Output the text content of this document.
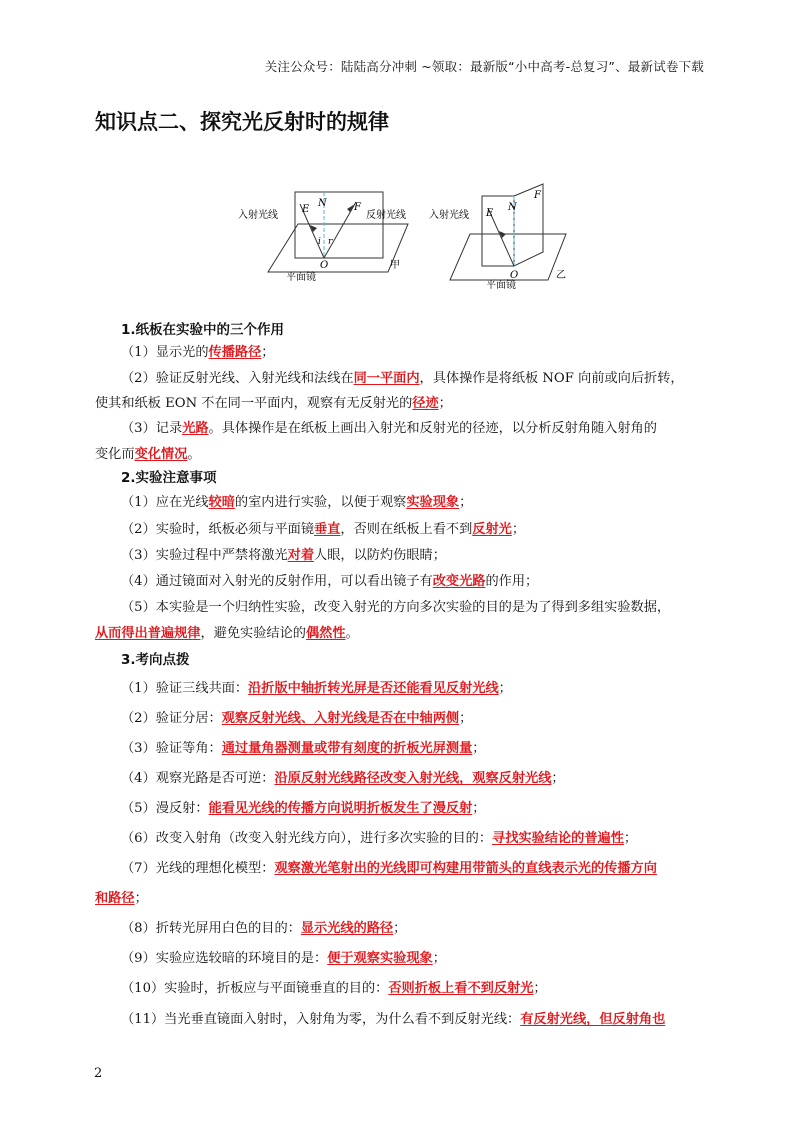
关注公众号：陆陆高分冲刺 ~领取：最新版“小中高考-总复习”、最新试卷下载
知识点二、探究光反射时的规律
E
N
i r
O
平面镜
甲
入射光线	反射光线	E
N
F
O
平面镜
乙
入射光线
F
1.纸板在实验中的三个作用
（1）显示光的传播路径；
（2）验证反射光线、入射光线和法线在同一平面内，具体操作是将纸板 NOF 向前或向后折转，
使其和纸板 EON 不在同一平面内，观察有无反射光的径迹；
（3）记录光路。具体操作是在纸板上画出入射光和反射光的径迹，以分析反射角随入射角的
变化而变化情况。
2.实验注意事项
（1）应在光线较暗的室内进行实验，以便于观察实验现象；
（2）实验时，纸板必须与平面镜垂直，否则在纸板上看不到反射光；
（3）实验过程中严禁将激光对着人眼，以防灼伤眼睛；
（4）通过镜面对入射光的反射作用，可以看出镜子有改变光路的作用；
（5）本实验是一个归纳性实验，改变入射光的方向多次实验的目的是为了得到多组实验数据，
从而得出普遍规律，避免实验结论的偶然性。
3.考向点拨
（1）验证三线共面：沿折版中轴折转光屏是否还能看见反射光线；
（2）验证分居：观察反射光线、入射光线是否在中轴两侧；
（3）验证等角：通过量角器测量或带有刻度的折板光屏测量；
（4）观察光路是否可逆：沿原反射光线路径改变入射光线，观察反射光线；
（5）漫反射：能看见光线的传播方向说明折板发生了漫反射；
（6）改变入射角（改变入射光线方向），进行多次实验的目的：寻找实验结论的普遍性；
（7）光线的理想化模型：观察激光笔射出的光线即可构建用带箭头的直线表示光的传播方向
和路径；
（8）折转光屏用白色的目的：显示光线的路径；
（9）实验应选较暗的环境目的是：便于观察实验现象；
（10）实验时，折板应与平面镜垂直的目的：否则折板上看不到反射光；
（11）当光垂直镜面入射时，入射角为零，为什么看不到反射光线：有反射光线，但反射角也
2
